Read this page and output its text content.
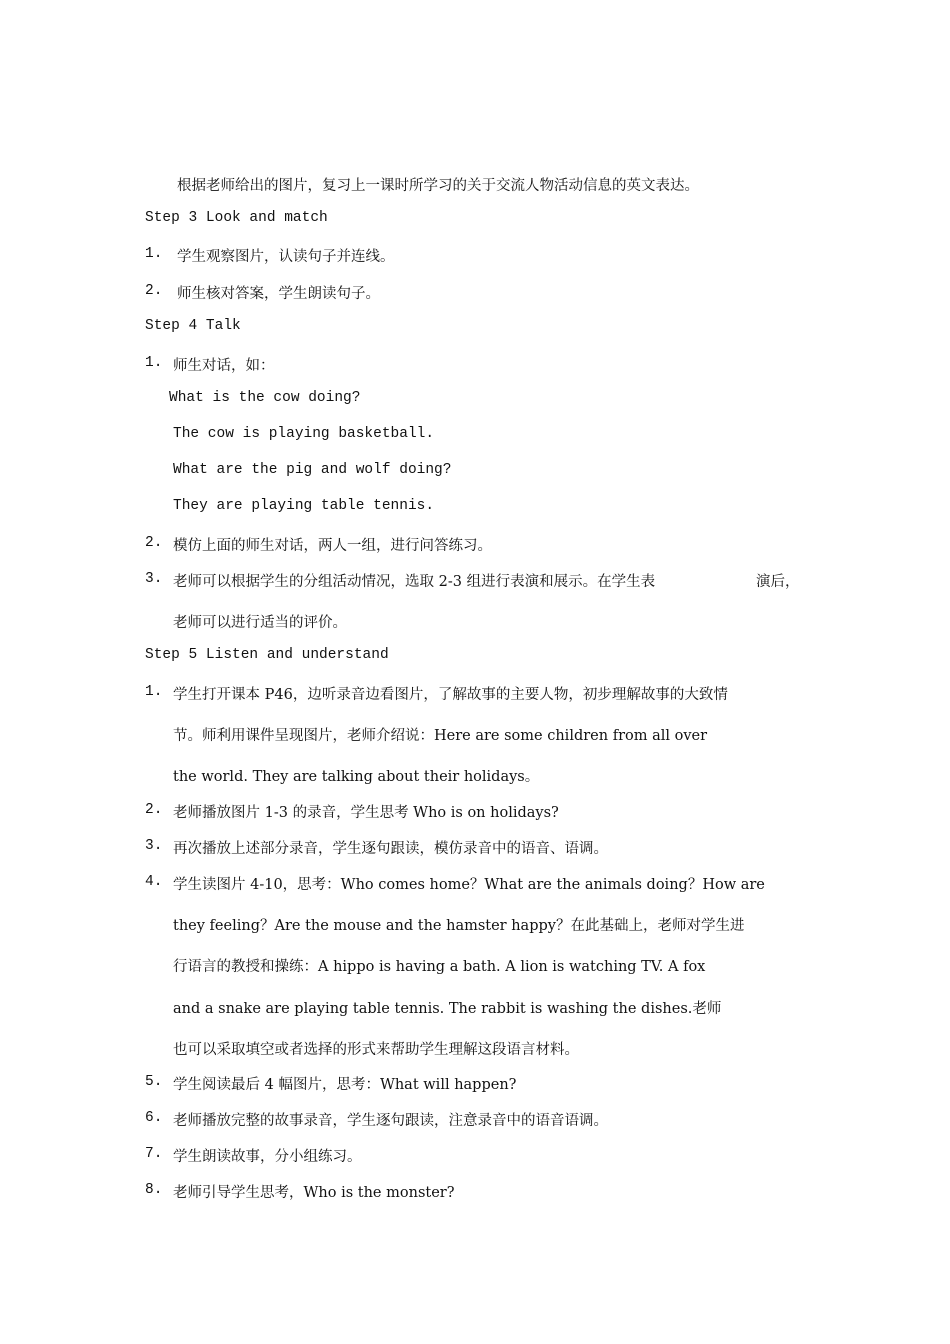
根据老师给出的图片，复习上一课时所学习的关于交流人物活动信息的英文表达。
Step 3 Look and match
1. 学生观察图片，认读句子并连线。
2. 师生核对答案，学生朗读句子。
Step 4 Talk
1. 师生对话，如：
What is the cow doing?
The cow is playing basketball.
What are the pig and wolf doing?
They are playing table tennis.
2. 模仿上面的师生对话，两人一组，进行问答练习。
3. 老师可以根据学生的分组活动情况，选取 2-3 组进行表演和展示。在学生表	演后，
老师可以进行适当的评价。
Step 5 Listen and understand
1. 学生打开课本 P46，边听录音边看图片，了解故事的主要人物，初步理解故事的大致情
节。师利用课件呈现图片，老师介绍说：Here are some children from all over
the world. They are talking about their holidays。
2. 老师播放图片 1-3 的录音，学生思考 Who is on holidays?
3. 再次播放上述部分录音，学生逐句跟读，模仿录音中的语音、语调。
4. 学生读图片 4-10，思考：Who comes home？What are the animals doing？How are
they feeling？Are the mouse and the hamster happy？在此基础上，老师对学生进
行语言的教授和操练：A hippo is having a bath. A lion is watching TV. A fox
and a snake are playing table tennis. The rabbit is washing the dishes.老师
也可以采取填空或者选择的形式来帮助学生理解这段语言材料。
5. 学生阅读最后 4 幅图片，思考：What will happen?
6. 老师播放完整的故事录音，学生逐句跟读，注意录音中的语音语调。
7. 学生朗读故事，分小组练习。
8. 老师引导学生思考，Who is the monster?
